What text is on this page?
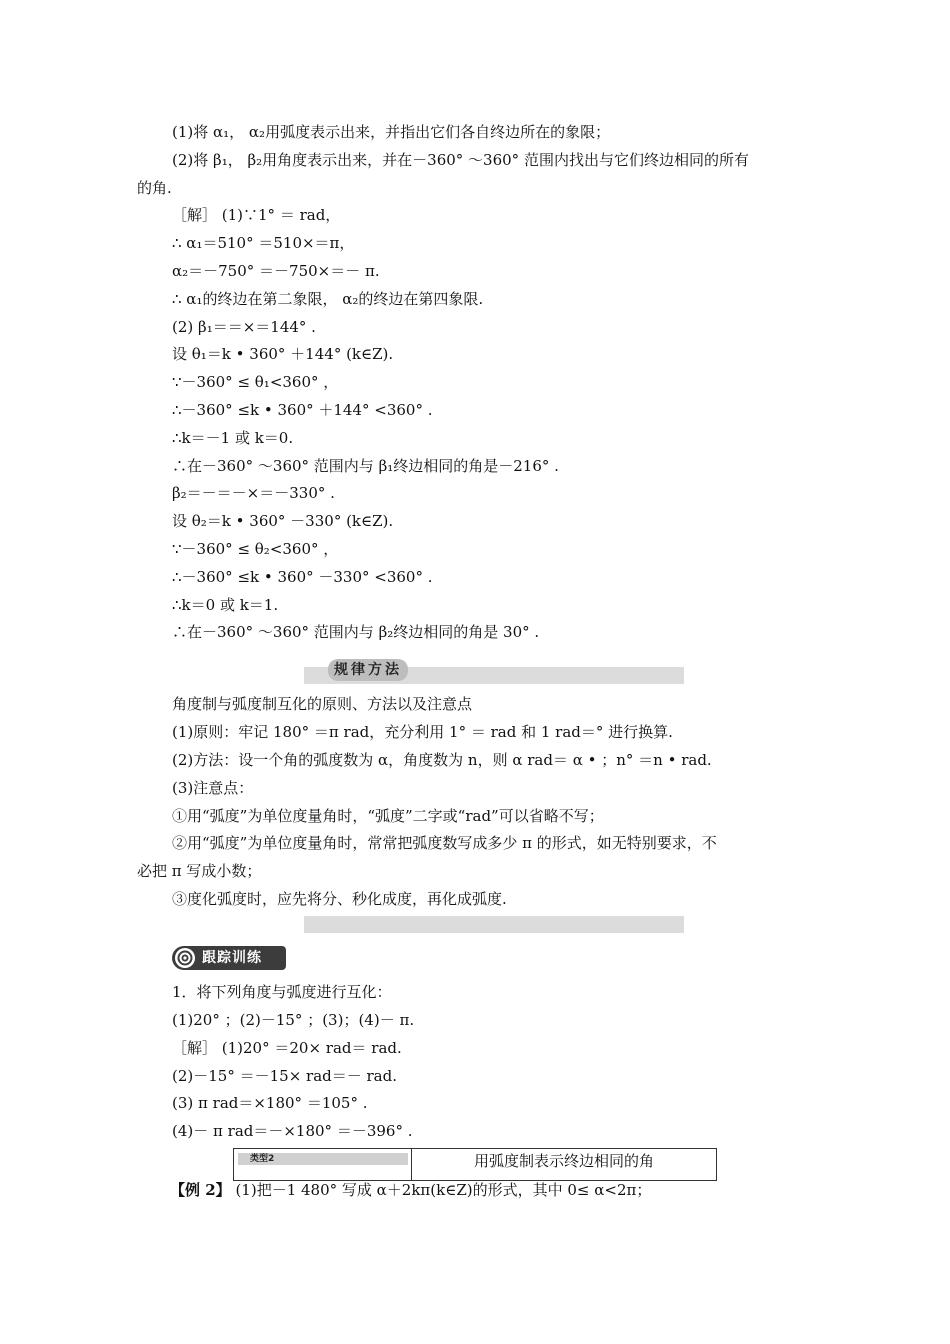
(1)将 α₁， α₂用弧度表示出来，并指出它们各自终边所在的象限；
(2)将 β₁， β₂用角度表示出来，并在－360° ～360° 范围内找出与它们终边相同的所有
的角.
［解］ (1)∵1° ＝ rad，
∴ α₁＝510° ＝510×＝π，
α₂＝－750° ＝－750×＝－ π.
∴ α₁的终边在第二象限， α₂的终边在第四象限.
(2) β₁＝＝×＝144° .
设 θ₁＝k • 360° ＋144° (k∈Z).
∵－360° ≤ θ₁<360° ，
∴－360° ≤k • 360° ＋144° <360° .
∴k＝－1 或 k＝0.
∴在－360° ～360° 范围内与 β₁终边相同的角是－216° .
β₂＝－＝－×＝－330° .
设 θ₂＝k • 360° －330° (k∈Z).
∵－360° ≤ θ₂<360° ，
∴－360° ≤k • 360° －330° <360° .
∴k＝0 或 k＝1.
∴在－360° ～360° 范围内与 β₂终边相同的角是 30° .
规律方法
角度制与弧度制互化的原则、方法以及注意点
(1)原则：牢记 180° ＝π rad，充分利用 1° ＝ rad 和 1 rad＝° 进行换算.
(2)方法：设一个角的弧度数为 α，角度数为 n，则 α rad＝ α • ；n° ＝n • rad.
(3)注意点：
①用“弧度”为单位度量角时，“弧度”二字或“rad”可以省略不写；
②用“弧度”为单位度量角时，常常把弧度数写成多少 π 的形式，如无特别要求，不
必把 π 写成小数；
③度化弧度时，应先将分、秒化成度，再化成弧度.
跟踪训练
1．将下列角度与弧度进行互化：
(1)20° ；(2)－15° ；(3)；(4)－ π.
［解］ (1)20° ＝20× rad＝ rad.
(2)－15° ＝－15× rad＝－ rad.
(3) π rad＝×180° ＝105° .
(4)－ π rad＝－×180° ＝－396° .
类型2	用弧度制表示终边相同的角
【例 2】 (1)把－1 480° 写成 α＋2kπ(k∈Z)的形式，其中 0≤ α<2π；
